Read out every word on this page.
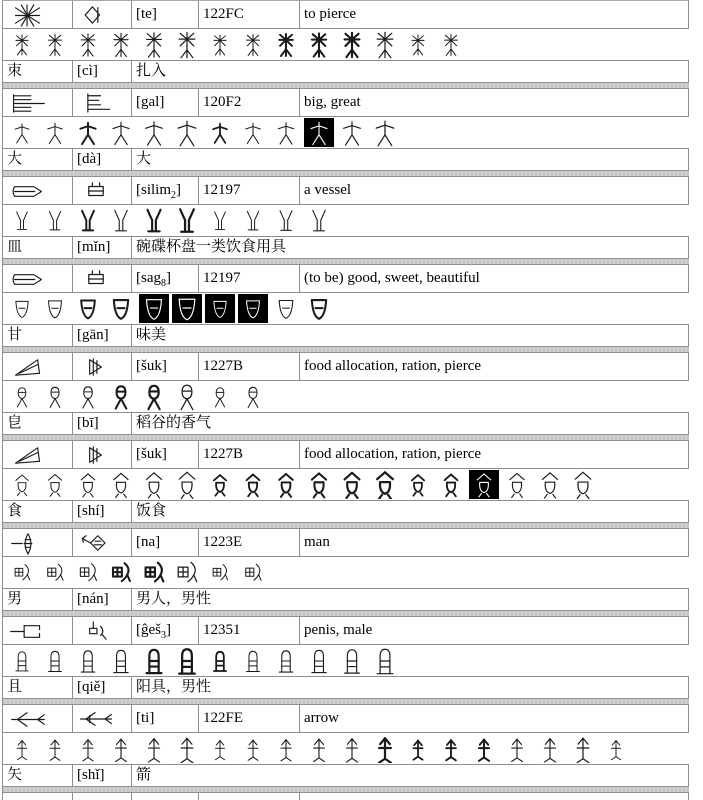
[te]	122FC	to pierce
朿	[cì]	扎入
[gal]	120F2	big, great
大	[dà]	大
[silim$_2$]	12197	a vessel
皿	[mǐn]	碗碟杯盘一类饮食用具
[sag$_8$]	12197	(to be) good, sweet, beautiful
甘	[gān]	味美
[šuk]	1227B	food allocation, ration, pierce
皀	[bī]	稻谷的香气
[šuk]	1227B	food allocation, ration, pierce
食	[shí]	饭食
[na]	1223E	man
男	[nán]	男人，男性
[ĝeš$_3$]	12351	penis, male
且	[qiě]	阳具，男性
[ti]	122FE	arrow
矢	[shǐ]	箭
